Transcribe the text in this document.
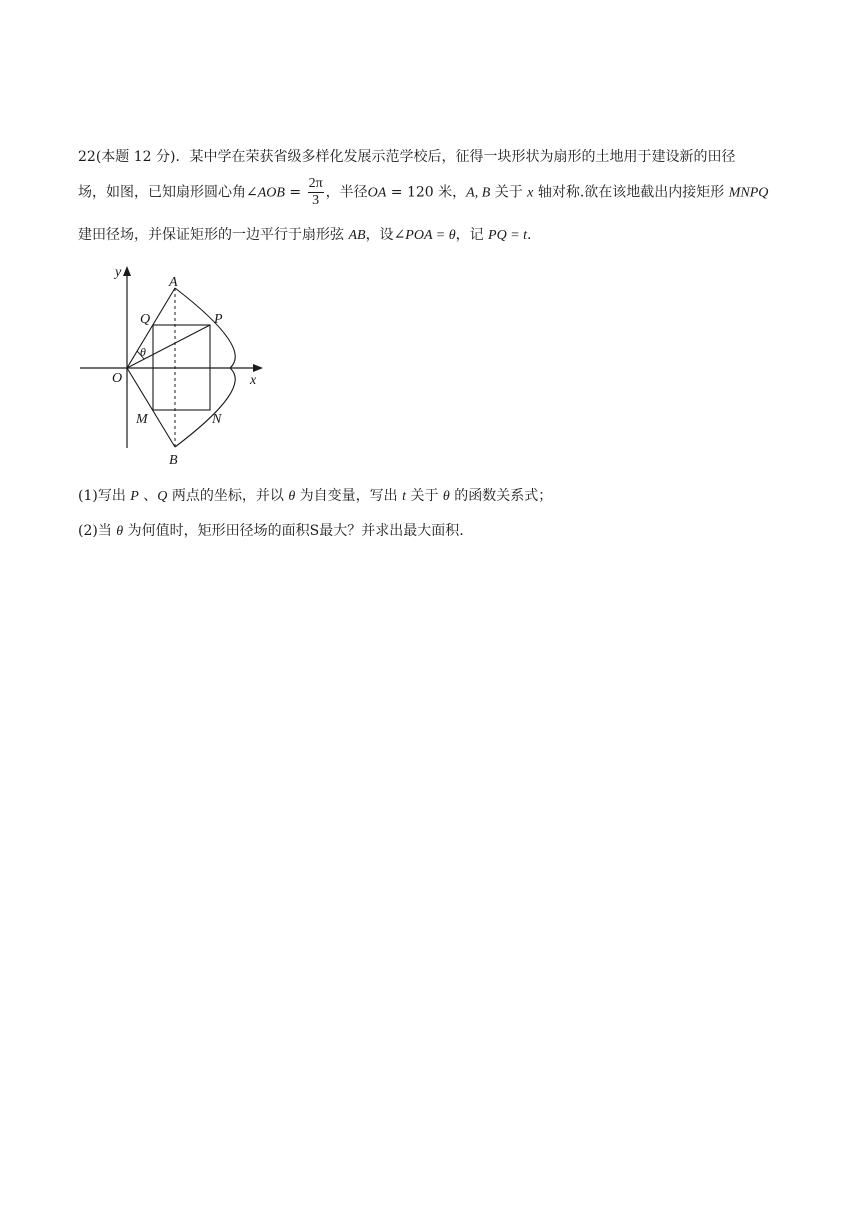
22(本题 12 分)．某中学在荣获省级多样化发展示范学校后，征得一块形状为扇形的土地用于建设新的田径
场，如图，已知扇形圆心角∠AOB = $\frac{2\pi}{3}$ ，半径OA = 120 米，A, B 关于 x 轴对称.欲在该地截出内接矩形 MNPQ
建田径场，并保证矩形的一边平行于扇形弦 AB，设∠POA = θ，记 PQ = t.
y
x
A
B
P
Q
M	N
O
θ
(1)写出 P 、Q 两点的坐标，并以 θ 为自变量，写出 t 关于 θ 的函数关系式；
(2)当 θ 为何值时，矩形田径场的面积S最大？并求出最大面积.
